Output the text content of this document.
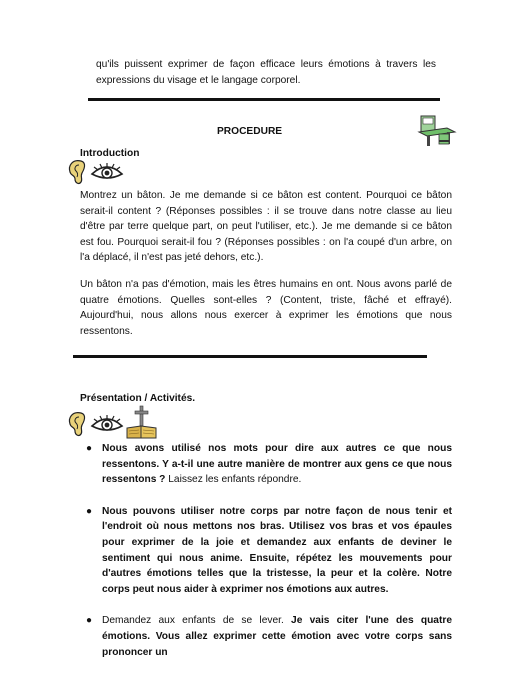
qu'ils puissent exprimer de façon efficace leurs émotions à travers les expressions du visage et le langage corporel.
PROCEDURE
Introduction
Montrez un bâton. Je me demande si ce bâton est content. Pourquoi ce bâton serait-il content ? (Réponses possibles : il se trouve dans notre classe au lieu d'être par terre quelque part, on peut l'utiliser, etc.). Je me demande si ce bâton est fou. Pourquoi serait-il fou ? (Réponses possibles : on l'a coupé d'un arbre, on l'a déplacé, il n'est pas jeté dehors, etc.).
Un bâton n'a pas d'émotion, mais les êtres humains en ont. Nous avons parlé de quatre émotions. Quelles sont-elles ? (Content, triste, fâché et effrayé). Aujourd'hui, nous allons nous exercer à exprimer les émotions que nous ressentons.
Présentation / Activités.
● Nous avons utilisé nos mots pour dire aux autres ce que nous ressentons. Y a-t-il une autre manière de montrer aux gens ce que nous ressentons ? Laissez les enfants répondre.
● Nous pouvons utiliser notre corps par notre façon de nous tenir et l'endroit où nous mettons nos bras. Utilisez vos bras et vos épaules pour exprimer de la joie et demandez aux enfants de deviner le sentiment qui nous anime. Ensuite, répétez les mouvements pour d'autres émotions telles que la tristesse, la peur et la colère. Notre corps peut nous aider à exprimer nos émotions aux autres.
● Demandez aux enfants de se lever. Je vais citer l'une des quatre émotions. Vous allez exprimer cette émotion avec votre corps sans prononcer un
